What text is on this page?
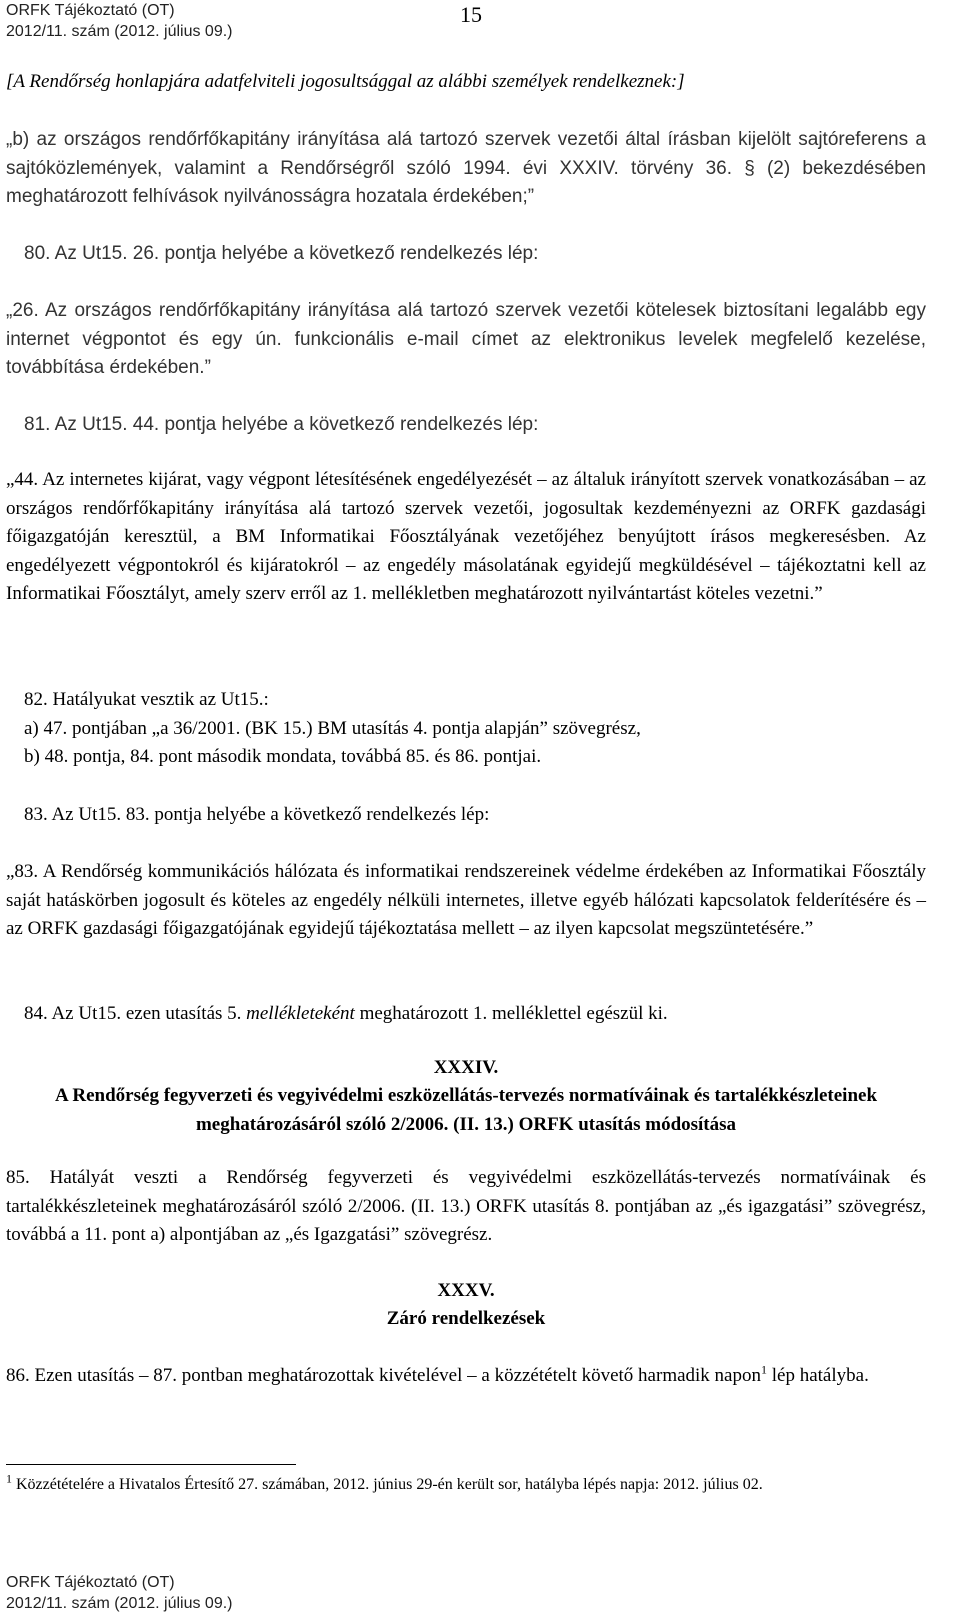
ORFK Tájékoztató (OT)
2012/11. szám (2012. július 09.)
15
[A Rendőrség honlapjára adatfelviteli jogosultsággal az alábbi személyek rendelkeznek:]
„b) az országos rendőrfőkapitány irányítása alá tartozó szervek vezetői által írásban kijelölt sajtóreferens a sajtóközlemények, valamint a Rendőrségről szóló 1994. évi XXXIV. törvény 36. § (2) bekezdésében meghatározott felhívások nyilvánosságra hozatala érdekében;”
80. Az Ut15. 26. pontja helyébe a következő rendelkezés lép:
„26. Az országos rendőrfőkapitány irányítása alá tartozó szervek vezetői kötelesek biztosítani legalább egy internet végpontot és egy ún. funkcionális e-mail címet az elektronikus levelek megfelelő kezelése, továbbítása érdekében.”
81. Az Ut15. 44. pontja helyébe a következő rendelkezés lép:
„44. Az internetes kijárat, vagy végpont létesítésének engedélyezését – az általuk irányított szervek vonatkozásában – az országos rendőrfőkapitány irányítása alá tartozó szervek vezetői, jogosultak kezdeményezni az ORFK gazdasági főigazgatóján keresztül, a BM Informatikai Főosztályának vezetőjéhez benyújtott írásos megkeresésben. Az engedélyezett végpontokról és kijáratokról – az engedély másolatának egyidejű megküldésével – tájékoztatni kell az Informatikai Főosztályt, amely szerv erről az 1. mellékletben meghatározott nyilvántartást köteles vezetni.”
82. Hatályukat vesztik az Ut15.:
a) 47. pontjában „a 36/2001. (BK 15.) BM utasítás 4. pontja alapján” szövegrész,
b) 48. pontja, 84. pont második mondata, továbbá 85. és 86. pontjai.
83. Az Ut15. 83. pontja helyébe a következő rendelkezés lép:
„83. A Rendőrség kommunikációs hálózata és informatikai rendszereinek védelme érdekében az Informatikai Főosztály saját hatáskörben jogosult és köteles az engedély nélküli internetes, illetve egyéb hálózati kapcsolatok felderítésére és – az ORFK gazdasági főigazgatójának egyidejű tájékoztatása mellett – az ilyen kapcsolat megszüntetésére.”
84. Az Ut15. ezen utasítás 5. mellékleteként meghatározott 1. melléklettel egészül ki.
XXXIV.
A Rendőrség fegyverzeti és vegyivédelmi eszközellátás-tervezés normatíváinak és tartalékkészleteinek meghatározásáról szóló 2/2006. (II. 13.) ORFK utasítás módosítása
85. Hatályát veszti a Rendőrség fegyverzeti és vegyivédelmi eszközellátás-tervezés normatíváinak és tartalékkészleteinek meghatározásáról szóló 2/2006. (II. 13.) ORFK utasítás 8. pontjában az „és igazgatási” szövegrész, továbbá a 11. pont a) alpontjában az „és Igazgatási” szövegrész.
XXXV.
Záró rendelkezések
86. Ezen utasítás – 87. pontban meghatározottak kivételével – a közzétételt követő harmadik napon$^1$ lép hatályba.
$^1$ Közzétételére a Hivatalos Értesítő 27. számában, 2012. június 29-én került sor, hatályba lépés napja: 2012. július 02.
ORFK Tájékoztató (OT)
2012/11. szám (2012. július 09.)
